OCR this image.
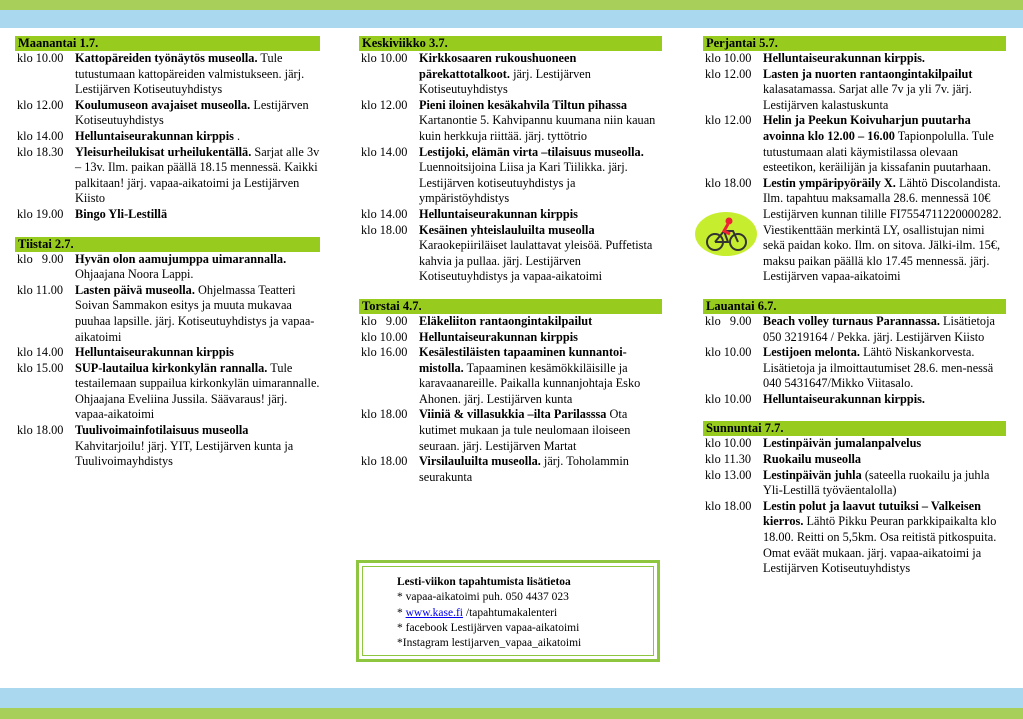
Maanantai 1.7.
klo 10.00 Kattopäreiden työnäytös museolla. Tule tutustumaan kattopäreiden valmistukseen. järj. Lestijärven Kotiseutuyhdistys
klo 12.00 Koulumuseon avajaiset museolla. Lestijärven Kotiseutuyhdistys
klo 14.00 Helluntaiseurakunnan kirppis .
klo 18.30 Yleisurheilukisat urheilukentällä. Sarjat alle 3v – 13v. Ilm. paikan päällä 18.15 mennessä. Kaikki palkitaan! järj. vapaa-aikatoimi ja Lestijärven Kiisto
klo 19.00 Bingo Yli-Lestillä
Tiistai 2.7.
klo   9.00 Hyvän olon aamujumppa uimarannalla. Ohjaajana Noora Lappi.
klo 11.00 Lasten päivä museolla. Ohjelmassa Teatteri Soivan Sammakon esitys ja muuta mukavaa puuhaa lapsille. järj. Kotiseutuyhdistys ja vapaa-aikatoimi
klo 14.00 Helluntaiseurakunnan kirppis
klo 15.00 SUP-lautailua kirkonkylän rannalla. Tule testailemaan suppailua kirkonkylän uimarannalle. Ohjaajana Eveliina Jussila. Säävaraus! järj. vapaa-aikatoimi
klo 18.00 Tuulivoimainfotilaisuus museolla Kahvitarjoilu! järj. YIT, Lestijärven kunta ja Tuulivoimayhdistys
Keskiviikko 3.7.
klo 10.00 Kirkkosaaren rukoushuoneen pärekattotalkoot. järj. Lestijärven Kotiseutuyhdistys
klo 12.00 Pieni iloinen kesäkahvila Tiltun pihassa Kartanontie 5. Kahvipannu kuumana niin kauan kuin herkkuja riittää. järj. tyttötrio
klo 14.00 Lestijoki, elämän virta –tilaisuus museolla. Luennoitsijoina Liisa ja Kari Tiilikka. järj. Lestijärven kotiseutuyhdistys ja ympäristöyhdistys
klo 14.00 Helluntaiseurakunnan kirppis
klo 18.00 Kesäinen yhteislauluilta museolla Karaokepiiriläiset laulattavat yleisöä. Puffetista kahvia ja pullaa. järj. Lestijärven Kotiseutuyhdistys ja vapaa-aikatoimi
Torstai 4.7.
klo   9.00 Eläkeliiton rantaongintakilpailut
klo 10.00 Helluntaiseurakunnan kirppis
klo 16.00 Kesälestiläisten tapaaminen kunnantoi-mistolla. Tapaaminen kesämökkiläisille ja karavaanareille. Paikalla kunnanjohtaja Esko Ahonen. järj. Lestijärven kunta
klo 18.00 Viiniä & villasukkia –ilta Parilasssa Ota kutimet mukaan ja tule neulomaan iloiseen seuraan. järj. Lestijärven Martat
klo 18.00 Virsilauluilta museolla. järj. Toholammin seurakunta
Perjantai 5.7.
klo 10.00 Helluntaiseurakunnan kirppis.
klo 12.00 Lasten ja nuorten rantaongintakilpailut kalasatamassa. Sarjat alle 7v ja yli 7v. järj. Lestijärven kalastuskunta
klo 12.00 Helin ja Peekun Koivuharjun puutarha avoinna klo 12.00 – 16.00 Tapionpolulla. Tule tutustumaan alati käymistilassa olevaan esteetikon, keräilijän ja kissafanin puutarhaan.
klo 18.00 Lestin ympäripyöräily X. Lähtö Discolandista. Ilm. tapahtuu maksamalla 28.6. mennessä 10€ Lestijärven kunnan tilille FI7554711220000282. Viestikenttään merkintä LY, osallistujan nimi sekä paidan koko. Ilm. on sitova. Jälki-ilm. 15€, maksu paikan päällä klo 17.45 mennessä. järj. Lestijärven vapaa-aikatoimi
Lauantai 6.7.
klo   9.00 Beach volley turnaus Parannassa. Lisätietoja 050 3219164 / Pekka. järj. Lestijärven Kiisto
klo 10.00 Lestijoen melonta. Lähtö Niskankorvesta. Lisätietoja ja ilmoittautumiset 28.6. men-nessä 040 5431647/Mikko Viitasalo.
klo 10.00 Helluntaiseurakunnan kirppis.
Sunnuntai 7.7.
klo 10.00 Lestinpäivän jumalanpalvelus
klo 11.30 Ruokailu museolla
klo 13.00 Lestinpäivän juhla (sateella ruokailu ja juhla Yli-Lestillä työväentalolla)
klo 18.00 Lestin polut ja laavut tutuiksi – Valkeisen kierros. Lähtö Pikku Peuran parkkipaikalta klo 18.00. Reitti on 5,5km. Osa reitistä pitkospuita. Omat eväät mukaan. järj. vapaa-aikatoimi ja Lestijärven Kotiseutuyhdistys
Lesti-viikon tapahtumista lisätietoa
* vapaa-aikatoimi puh. 050 4437 023
* www.kase.fi /tapahtumakalenteri
* facebook Lestijärven vapaa-aikatoimi
*Instagram lestijarven_vapaa_aikatoimi
